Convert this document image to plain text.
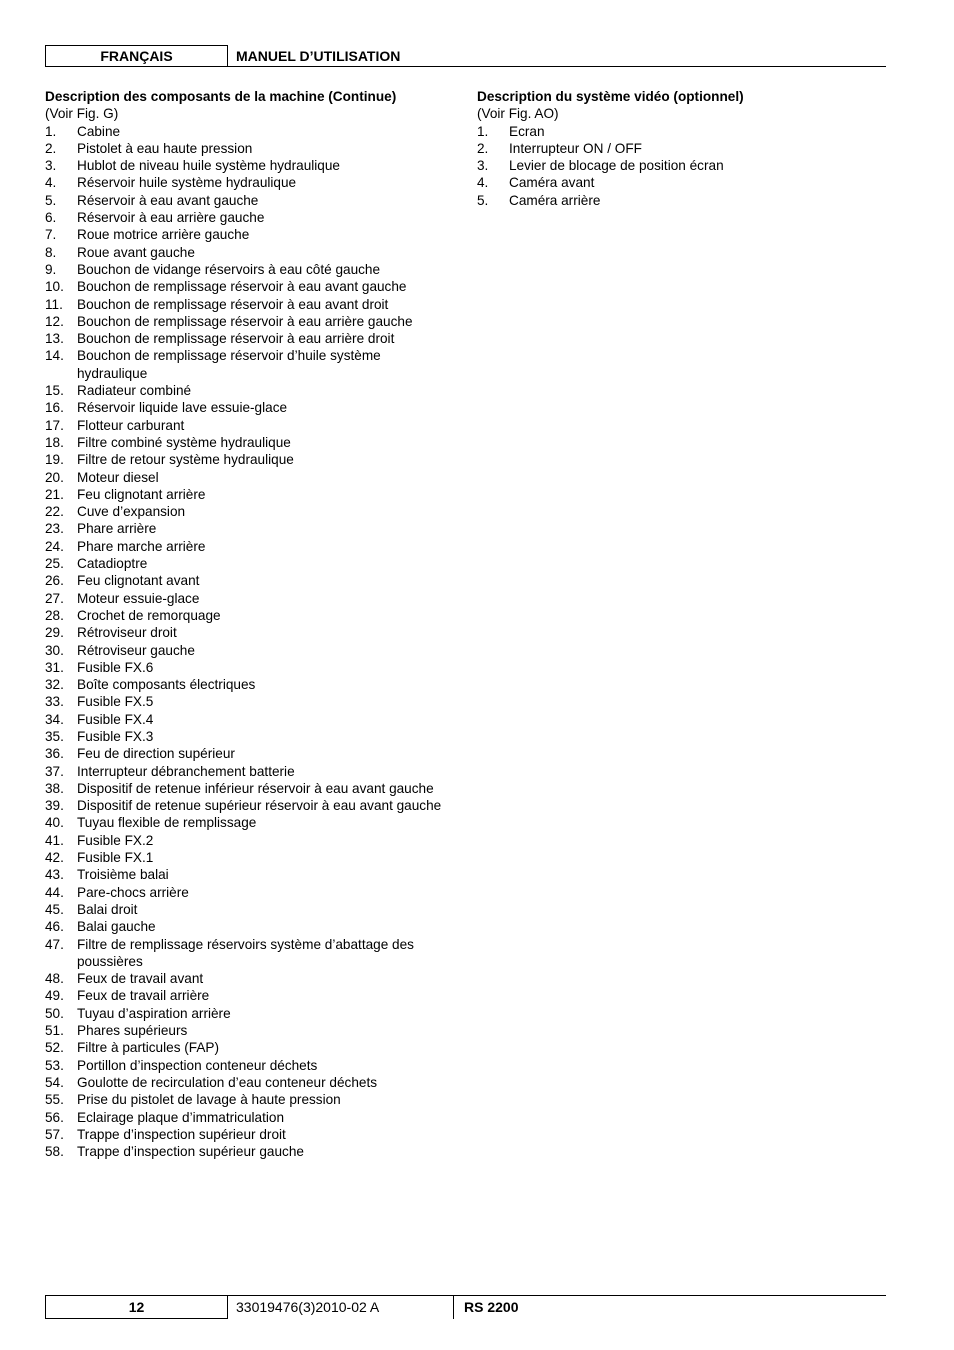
FRANÇAIS	MANUEL D’UTILISATION
Description des composants de la machine (Continue)
(Voir Fig. G)
1. Cabine
2. Pistolet à eau haute pression
3. Hublot de niveau huile système hydraulique
4. Réservoir huile système hydraulique
5. Réservoir à eau avant gauche
6. Réservoir à eau arrière gauche
7. Roue motrice arrière gauche
8. Roue avant gauche
9. Bouchon de vidange réservoirs à eau côté gauche
10. Bouchon de remplissage réservoir à eau avant gauche
11. Bouchon de remplissage réservoir à eau avant droit
12. Bouchon de remplissage réservoir à eau arrière gauche
13. Bouchon de remplissage réservoir à eau arrière droit
14. Bouchon de remplissage réservoir d’huile système hydraulique
15. Radiateur combiné
16. Réservoir liquide lave essuie-glace
17. Flotteur carburant
18. Filtre combiné système hydraulique
19. Filtre de retour système hydraulique
20. Moteur diesel
21. Feu clignotant arrière
22. Cuve d’expansion
23. Phare arrière
24. Phare marche arrière
25. Catadioptre
26. Feu clignotant avant
27. Moteur essuie-glace
28. Crochet de remorquage
29. Rétroviseur droit
30. Rétroviseur gauche
31. Fusible FX.6
32. Boîte composants électriques
33. Fusible FX.5
34. Fusible FX.4
35. Fusible FX.3
36. Feu de direction supérieur
37. Interrupteur débranchement batterie
38. Dispositif de retenue inférieur réservoir à eau avant gauche
39. Dispositif de retenue supérieur réservoir à eau avant gauche
40. Tuyau flexible de remplissage
41. Fusible FX.2
42. Fusible FX.1
43. Troisième balai
44. Pare-chocs arrière
45. Balai droit
46. Balai gauche
47. Filtre de remplissage réservoirs système d’abattage des poussières
48. Feux de travail avant
49. Feux de travail arrière
50. Tuyau d’aspiration arrière
51. Phares supérieurs
52. Filtre à particules (FAP)
53. Portillon d’inspection conteneur déchets
54. Goulotte de recirculation d’eau conteneur déchets
55. Prise du pistolet de lavage à haute pression
56. Eclairage plaque d’immatriculation
57. Trappe d’inspection supérieur droit
58. Trappe d’inspection supérieur gauche
Description du système vidéo (optionnel)
(Voir Fig. AO)
1. Ecran
2. Interrupteur ON / OFF
3. Levier de blocage de position écran
4. Caméra avant
5. Caméra arrière
12	33019476(3)2010-02 A	RS 2200
